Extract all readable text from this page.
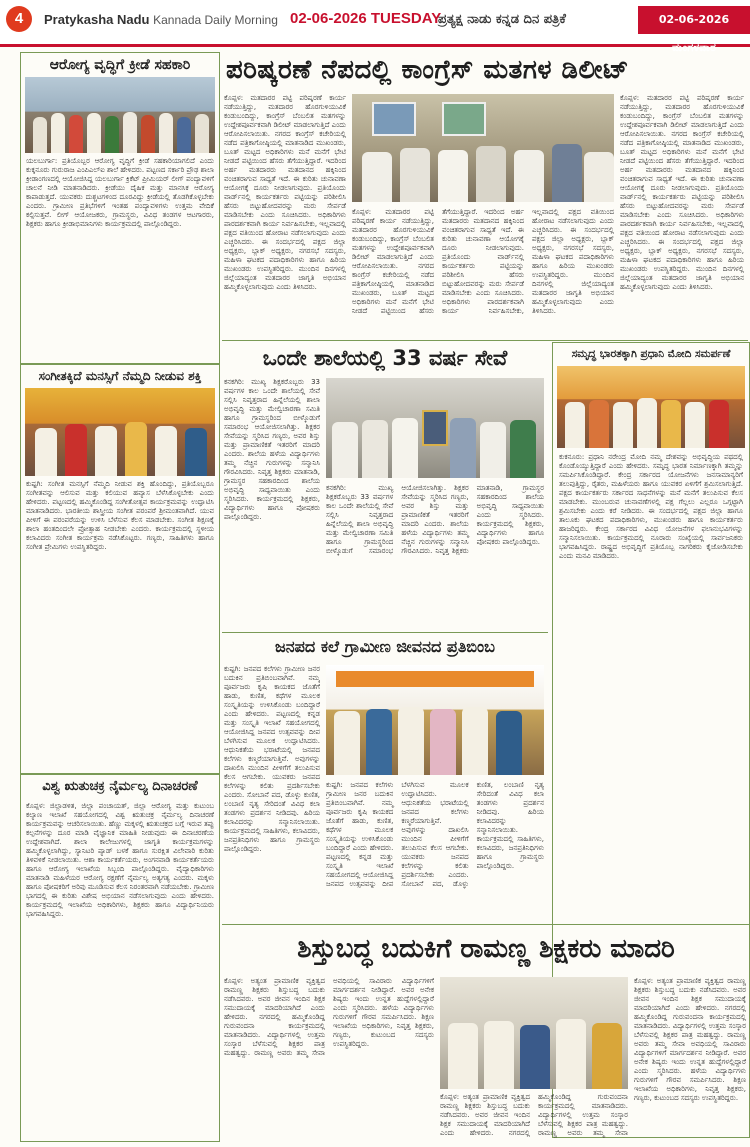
4	Pratykasha Nadu Kannada Daily Morning 02-06-2026 TUESDAY
ಪ್ರತ್ಯಕ್ಷ ನಾಡು ಕನ್ನಡ ದಿನ ಪತ್ರಿಕೆ	02-06-2026 ಮಂಗಳವಾರ
ಆರೋಗ್ಯ ವೃದ್ಧಿಗೆ ಕ್ರೀಡೆ ಸಹಕಾರಿ
ಯಲಬುರ್ಗಾ: ಪ್ರತಿಯೊಬ್ಬರ ಆರೋಗ್ಯ ವೃದ್ಧಿಗೆ ಕ್ರೀಡೆ ಸಹಕಾರಿಯಾಗಲಿದೆ ಎಂದು ಕುಕ್ಕನೂರು ಗುರುರಾಜ ಎಂಪಿಎಲ್‌ಐ ಶಾಲೆ ಹೇಳಿದರು. ಪಟ್ಟಣದ ಸರ್ಕಾರಿ ಪ್ರೌಢ ಶಾಲಾ ಕ್ರೀಡಾಂಗಣದಲ್ಲಿ ಆಯೋಜಿಸಿದ್ದ ಯಲಬುರ್ಗಾ ಕ್ರಿಕೆಟ್ ಪ್ರೀಮಿಯರ್ ಲೀಗ್ ಪಂದ್ಯಾವಳಿಗೆ ಚಾಲನೆ ನೀಡಿ ಮಾತನಾಡಿದರು. ಕ್ರೀಡೆಯು ದೈಹಿಕ ಮತ್ತು ಮಾನಸಿಕ ಆರೋಗ್ಯ ಕಾಪಾಡುತ್ತದೆ. ಯುವಕರು ದುಶ್ಚಟಗಳಿಂದ ದೂರವಿದ್ದು ಕ್ರೀಡೆಯಲ್ಲಿ ತೊಡಗಿಕೊಳ್ಳಬೇಕು ಎಂದರು. ಗ್ರಾಮೀಣ ಪ್ರತಿಭೆಗಳಿಗೆ ಇಂತಹ ಪಂದ್ಯಾವಳಿಗಳು ಉತ್ತಮ ವೇದಿಕೆ ಕಲ್ಪಿಸುತ್ತವೆ. ಲೀಗ್ ಆಯೋಜಕರು, ಗ್ರಾಮಸ್ಥರು, ವಿವಿಧ ತಂಡಗಳ ಆಟಗಾರರು, ಶಿಕ್ಷಕರು ಹಾಗೂ ಕ್ರೀಡಾಭಿಮಾನಿಗಳು ಕಾರ್ಯಕ್ರಮದಲ್ಲಿ ಪಾಲ್ಗೊಂಡಿದ್ದರು.
ಸಂಗೀತಕ್ಕಿದೆ ಮನಸ್ಸಿಗೆ ನೆಮ್ಮದಿ ನೀಡುವ ಶಕ್ತಿ
ಕುಷ್ಟಗಿ: ಸಂಗೀತ ಮನಸ್ಸಿಗೆ ನೆಮ್ಮದಿ ನೀಡುವ ಶಕ್ತಿ ಹೊಂದಿದ್ದು, ಪ್ರತಿಯೊಬ್ಬರೂ ಸಂಗೀತವನ್ನು ಆಲಿಸುವ ಮತ್ತು ಕಲಿಯುವ ಹವ್ಯಾಸ ಬೆಳೆಸಿಕೊಳ್ಳಬೇಕು ಎಂದು ಹೇಳಿದರು. ಪಟ್ಟಣದಲ್ಲಿ ಹಮ್ಮಿಕೊಂಡಿದ್ದ ಸಂಗೀತೋತ್ಸವ ಕಾರ್ಯಕ್ರಮವನ್ನು ಉದ್ಘಾಟಿಸಿ ಮಾತನಾಡಿದರು. ಭಾರತೀಯ ಶಾಸ್ತ್ರೀಯ ಸಂಗೀತ ಪರಂಪರೆ ಶ್ರೀಮಂತವಾಗಿದೆ. ಯುವ ಪೀಳಿಗೆ ಈ ಪರಂಪರೆಯನ್ನು ಉಳಿಸಿ ಬೆಳೆಸುವ ಕೆಲಸ ಮಾಡಬೇಕು. ಸಂಗೀತ ಶಿಕ್ಷಣಕ್ಕೆ ಶಾಲಾ ಹಂತದಿಂದಲೇ ಪ್ರೋತ್ಸಾಹ ನೀಡಬೇಕು ಎಂದರು. ಕಾರ್ಯಕ್ರಮದಲ್ಲಿ ಸ್ಥಳೀಯ ಕಲಾವಿದರು ಸಂಗೀತ ಕಾರ್ಯಕ್ರಮ ನಡೆಸಿಕೊಟ್ಟರು. ಗಣ್ಯರು, ಸಾಹಿತಿಗಳು ಹಾಗೂ ಸಂಗೀತ ಪ್ರೇಮಿಗಳು ಉಪಸ್ಥಿತರಿದ್ದರು.
ವಿಶ್ವ ಋತುಚಕ್ರ ನೈರ್ಮಲ್ಯ ದಿನಾಚರಣೆ
ಕೊಪ್ಪಳ: ಜಿಲ್ಲಾಡಳಿತ, ಜಿಲ್ಲಾ ಪಂಚಾಯತ್, ಜಿಲ್ಲಾ ಆರೋಗ್ಯ ಮತ್ತು ಕುಟುಂಬ ಕಲ್ಯಾಣ ಇಲಾಖೆ ಸಹಯೋಗದಲ್ಲಿ ವಿಶ್ವ ಋತುಚಕ್ರ ನೈರ್ಮಲ್ಯ ದಿನಾಚರಣೆ ಕಾರ್ಯಕ್ರಮವನ್ನು ಆಚರಿಸಲಾಯಿತು. ಹೆಣ್ಣು ಮಕ್ಕಳಲ್ಲಿ ಋತುಚಕ್ರದ ಬಗ್ಗೆ ಇರುವ ತಪ್ಪು ಕಲ್ಪನೆಗಳನ್ನು ದೂರ ಮಾಡಿ ವೈಜ್ಞಾನಿಕ ಮಾಹಿತಿ ನೀಡುವುದು ಈ ದಿನಾಚರಣೆಯ ಉದ್ದೇಶವಾಗಿದೆ. ಶಾಲಾ ಕಾಲೇಜುಗಳಲ್ಲಿ ಜಾಗೃತಿ ಕಾರ್ಯಕ್ರಮಗಳನ್ನು ಹಮ್ಮಿಕೊಳ್ಳಲಾಗಿದ್ದು, ಸ್ಯಾನಿಟರಿ ಪ್ಯಾಡ್ ಬಳಕೆ ಹಾಗೂ ಸುರಕ್ಷಿತ ವಿಲೇವಾರಿ ಕುರಿತು ತಿಳಿವಳಿಕೆ ನೀಡಲಾಯಿತು. ಆಶಾ ಕಾರ್ಯಕರ್ತೆಯರು, ಅಂಗನವಾಡಿ ಕಾರ್ಯಕರ್ತೆಯರು ಹಾಗೂ ಆರೋಗ್ಯ ಇಲಾಖೆಯ ಸಿಬ್ಬಂದಿ ಪಾಲ್ಗೊಂಡಿದ್ದರು. ವೈದ್ಯಾಧಿಕಾರಿಗಳು ಮಾತನಾಡಿ ಮಹಿಳೆಯರ ಆರೋಗ್ಯ ರಕ್ಷಣೆಗೆ ನೈರ್ಮಲ್ಯ ಅತ್ಯಗತ್ಯ ಎಂದರು. ಮಕ್ಕಳು ಹಾಗೂ ಪೋಷಕರಿಗೆ ಅರಿವು ಮೂಡಿಸುವ ಕೆಲಸ ನಿರಂತರವಾಗಿ ನಡೆಯಬೇಕು. ಗ್ರಾಮೀಣ ಭಾಗದಲ್ಲಿ ಈ ಕುರಿತು ವಿಶೇಷ ಅಭಿಯಾನ ನಡೆಸಲಾಗುವುದು ಎಂದು ಹೇಳಿದರು. ಕಾರ್ಯಕ್ರಮದಲ್ಲಿ ಇಲಾಖೆಯ ಅಧಿಕಾರಿಗಳು, ಶಿಕ್ಷಕರು ಹಾಗೂ ವಿದ್ಯಾರ್ಥಿನಿಯರು ಭಾಗವಹಿಸಿದ್ದರು.
ಪರಿಷ್ಕರಣೆ ನೆಪದಲ್ಲಿ ಕಾಂಗ್ರೆಸ್ ಮತಗಳ ಡಿಲೀಟ್
ಕೊಪ್ಪಳ: ಮತದಾರರ ಪಟ್ಟಿ ಪರಿಷ್ಕರಣೆ ಕಾರ್ಯ ನಡೆಯುತ್ತಿದ್ದು, ಮತದಾರರ ಹೊರಗುಳಿಯುವಿಕೆ ಕಂಡುಬಂದಿದ್ದು, ಕಾಂಗ್ರೆಸ್ ಬೆಂಬಲಿತ ಮತಗಳನ್ನು ಉದ್ದೇಶಪೂರ್ವಕವಾಗಿ ಡಿಲೀಟ್ ಮಾಡಲಾಗುತ್ತಿದೆ ಎಂದು ಆರೋಪಿಸಲಾಯಿತು. ನಗರದ ಕಾಂಗ್ರೆಸ್ ಕಚೇರಿಯಲ್ಲಿ ನಡೆದ ಪತ್ರಿಕಾಗೋಷ್ಠಿಯಲ್ಲಿ ಮಾತನಾಡಿದ ಮುಖಂಡರು, ಬೂತ್ ಮಟ್ಟದ ಅಧಿಕಾರಿಗಳು ಮನೆ ಮನೆಗೆ ಭೇಟಿ ನೀಡದೆ ಪಟ್ಟಿಯಿಂದ ಹೆಸರು ತೆಗೆಯುತ್ತಿದ್ದಾರೆ. ಇದರಿಂದ ಅರ್ಹ ಮತದಾರರು ಮತದಾನದ ಹಕ್ಕಿನಿಂದ ವಂಚಿತರಾಗುವ ಸಾಧ್ಯತೆ ಇದೆ. ಈ ಕುರಿತು ಚುನಾವಣಾ ಆಯೋಗಕ್ಕೆ ದೂರು ನೀಡಲಾಗುವುದು. ಪ್ರತಿಯೊಂದು ವಾರ್ಡ್‌ನಲ್ಲಿ ಕಾರ್ಯಕರ್ತರು ಪಟ್ಟಿಯನ್ನು ಪರಿಶೀಲಿಸಿ ಹೆಸರು ಬಿಟ್ಟುಹೋದವರನ್ನು ಮರು ಸೇರ್ಪಡೆ ಮಾಡಿಸಬೇಕು ಎಂದು ಸೂಚಿಸಿದರು. ಅಧಿಕಾರಿಗಳು ಪಾರದರ್ಶಕವಾಗಿ ಕಾರ್ಯ ನಿರ್ವಹಿಸಬೇಕು, ಇಲ್ಲವಾದಲ್ಲಿ ಪಕ್ಷದ ವತಿಯಿಂದ ಹೋರಾಟ ನಡೆಸಲಾಗುವುದು ಎಂದು ಎಚ್ಚರಿಸಿದರು. ಈ ಸಂದರ್ಭದಲ್ಲಿ ಪಕ್ಷದ ಜಿಲ್ಲಾ ಅಧ್ಯಕ್ಷರು, ಬ್ಲಾಕ್ ಅಧ್ಯಕ್ಷರು, ನಗರಸಭೆ ಸದಸ್ಯರು, ಮಹಿಳಾ ಘಟಕದ ಪದಾಧಿಕಾರಿಗಳು ಹಾಗೂ ಹಿರಿಯ ಮುಖಂಡರು ಉಪಸ್ಥಿತರಿದ್ದರು. ಮುಂದಿನ ದಿನಗಳಲ್ಲಿ ಜಿಲ್ಲೆಯಾದ್ಯಂತ ಮತದಾರರ ಜಾಗೃತಿ ಅಭಿಯಾನ ಹಮ್ಮಿಕೊಳ್ಳಲಾಗುವುದು ಎಂದು ತಿಳಿಸಿದರು.
ಕೊಪ್ಪಳ: ಮತದಾರರ ಪಟ್ಟಿ ಪರಿಷ್ಕರಣೆ ಕಾರ್ಯ ನಡೆಯುತ್ತಿದ್ದು, ಮತದಾರರ ಹೊರಗುಳಿಯುವಿಕೆ ಕಂಡುಬಂದಿದ್ದು, ಕಾಂಗ್ರೆಸ್ ಬೆಂಬಲಿತ ಮತಗಳನ್ನು ಉದ್ದೇಶಪೂರ್ವಕವಾಗಿ ಡಿಲೀಟ್ ಮಾಡಲಾಗುತ್ತಿದೆ ಎಂದು ಆರೋಪಿಸಲಾಯಿತು. ನಗರದ ಕಾಂಗ್ರೆಸ್ ಕಚೇರಿಯಲ್ಲಿ ನಡೆದ ಪತ್ರಿಕಾಗೋಷ್ಠಿಯಲ್ಲಿ ಮಾತನಾಡಿದ ಮುಖಂಡರು, ಬೂತ್ ಮಟ್ಟದ ಅಧಿಕಾರಿಗಳು ಮನೆ ಮನೆಗೆ ಭೇಟಿ ನೀಡದೆ ಪಟ್ಟಿಯಿಂದ ಹೆಸರು ತೆಗೆಯುತ್ತಿದ್ದಾರೆ. ಇದರಿಂದ ಅರ್ಹ ಮತದಾರರು ಮತದಾನದ ಹಕ್ಕಿನಿಂದ ವಂಚಿತರಾಗುವ ಸಾಧ್ಯತೆ ಇದೆ. ಈ ಕುರಿತು ಚುನಾವಣಾ ಆಯೋಗಕ್ಕೆ ದೂರು ನೀಡಲಾಗುವುದು. ಪ್ರತಿಯೊಂದು ವಾರ್ಡ್‌ನಲ್ಲಿ ಕಾರ್ಯಕರ್ತರು ಪಟ್ಟಿಯನ್ನು ಪರಿಶೀಲಿಸಿ ಹೆಸರು ಬಿಟ್ಟುಹೋದವರನ್ನು ಮರು ಸೇರ್ಪಡೆ ಮಾಡಿಸಬೇಕು ಎಂದು ಸೂಚಿಸಿದರು. ಅಧಿಕಾರಿಗಳು ಪಾರದರ್ಶಕವಾಗಿ ಕಾರ್ಯ ನಿರ್ವಹಿಸಬೇಕು, ಇಲ್ಲವಾದಲ್ಲಿ ಪಕ್ಷದ ವತಿಯಿಂದ ಹೋರಾಟ ನಡೆಸಲಾಗುವುದು ಎಂದು ಎಚ್ಚರಿಸಿದರು. ಈ ಸಂದರ್ಭದಲ್ಲಿ ಪಕ್ಷದ ಜಿಲ್ಲಾ ಅಧ್ಯಕ್ಷರು, ಬ್ಲಾಕ್ ಅಧ್ಯಕ್ಷರು, ನಗರಸಭೆ ಸದಸ್ಯರು, ಮಹಿಳಾ ಘಟಕದ ಪದಾಧಿಕಾರಿಗಳು ಹಾಗೂ ಹಿರಿಯ ಮುಖಂಡರು ಉಪಸ್ಥಿತರಿದ್ದರು. ಮುಂದಿನ ದಿನಗಳಲ್ಲಿ ಜಿಲ್ಲೆಯಾದ್ಯಂತ ಮತದಾರರ ಜಾಗೃತಿ ಅಭಿಯಾನ ಹಮ್ಮಿಕೊಳ್ಳಲಾಗುವುದು ಎಂದು ತಿಳಿಸಿದರು.
ಕೊಪ್ಪಳ: ಮತದಾರರ ಪಟ್ಟಿ ಪರಿಷ್ಕರಣೆ ಕಾರ್ಯ ನಡೆಯುತ್ತಿದ್ದು, ಮತದಾರರ ಹೊರಗುಳಿಯುವಿಕೆ ಕಂಡುಬಂದಿದ್ದು, ಕಾಂಗ್ರೆಸ್ ಬೆಂಬಲಿತ ಮತಗಳನ್ನು ಉದ್ದೇಶಪೂರ್ವಕವಾಗಿ ಡಿಲೀಟ್ ಮಾಡಲಾಗುತ್ತಿದೆ ಎಂದು ಆರೋಪಿಸಲಾಯಿತು. ನಗರದ ಕಾಂಗ್ರೆಸ್ ಕಚೇರಿಯಲ್ಲಿ ನಡೆದ ಪತ್ರಿಕಾಗೋಷ್ಠಿಯಲ್ಲಿ ಮಾತನಾಡಿದ ಮುಖಂಡರು, ಬೂತ್ ಮಟ್ಟದ ಅಧಿಕಾರಿಗಳು ಮನೆ ಮನೆಗೆ ಭೇಟಿ ನೀಡದೆ ಪಟ್ಟಿಯಿಂದ ಹೆಸರು ತೆಗೆಯುತ್ತಿದ್ದಾರೆ. ಇದರಿಂದ ಅರ್ಹ ಮತದಾರರು ಮತದಾನದ ಹಕ್ಕಿನಿಂದ ವಂಚಿತರಾಗುವ ಸಾಧ್ಯತೆ ಇದೆ. ಈ ಕುರಿತು ಚುನಾವಣಾ ಆಯೋಗಕ್ಕೆ ದೂರು ನೀಡಲಾಗುವುದು. ಪ್ರತಿಯೊಂದು ವಾರ್ಡ್‌ನಲ್ಲಿ ಕಾರ್ಯಕರ್ತರು ಪಟ್ಟಿಯನ್ನು ಪರಿಶೀಲಿಸಿ ಹೆಸರು ಬಿಟ್ಟುಹೋದವರನ್ನು ಮರು ಸೇರ್ಪಡೆ ಮಾಡಿಸಬೇಕು ಎಂದು ಸೂಚಿಸಿದರು. ಅಧಿಕಾರಿಗಳು ಪಾರದರ್ಶಕವಾಗಿ ಕಾರ್ಯ ನಿರ್ವಹಿಸಬೇಕು, ಇಲ್ಲವಾದಲ್ಲಿ ಪಕ್ಷದ ವತಿಯಿಂದ ಹೋರಾಟ ನಡೆಸಲಾಗುವುದು ಎಂದು ಎಚ್ಚರಿಸಿದರು. ಈ ಸಂದರ್ಭದಲ್ಲಿ ಪಕ್ಷದ ಜಿಲ್ಲಾ ಅಧ್ಯಕ್ಷರು, ಬ್ಲಾಕ್ ಅಧ್ಯಕ್ಷರು, ನಗರಸಭೆ ಸದಸ್ಯರು, ಮಹಿಳಾ ಘಟಕದ ಪದಾಧಿಕಾರಿಗಳು ಹಾಗೂ ಹಿರಿಯ ಮುಖಂಡರು ಉಪಸ್ಥಿತರಿದ್ದರು. ಮುಂದಿನ ದಿನಗಳಲ್ಲಿ ಜಿಲ್ಲೆಯಾದ್ಯಂತ ಮತದಾರರ ಜಾಗೃತಿ ಅಭಿಯಾನ ಹಮ್ಮಿಕೊಳ್ಳಲಾಗುವುದು ಎಂದು ತಿಳಿಸಿದರು.
ಒಂದೇ ಶಾಲೆಯಲ್ಲಿ 33 ವರ್ಷ ಸೇವೆ
ಕನಕಗಿರಿ: ಮುಖ್ಯ ಶಿಕ್ಷಕರೊಬ್ಬರು 33 ವರ್ಷಗಳ ಕಾಲ ಒಂದೇ ಶಾಲೆಯಲ್ಲಿ ಸೇವೆ ಸಲ್ಲಿಸಿ ನಿವೃತ್ತರಾದ ಹಿನ್ನೆಲೆಯಲ್ಲಿ ಶಾಲಾ ಅಭಿವೃದ್ಧಿ ಮತ್ತು ಮೇಲ್ವಿಚಾರಣಾ ಸಮಿತಿ ಹಾಗೂ ಗ್ರಾಮಸ್ಥರಿಂದ ಬೀಳ್ಕೊಡುಗೆ ಸಮಾರಂಭ ಆಯೋಜಿಸಲಾಗಿತ್ತು. ಶಿಕ್ಷಕರ ಸೇವೆಯನ್ನು ಸ್ಮರಿಸಿದ ಗಣ್ಯರು, ಅವರ ಶಿಸ್ತು ಮತ್ತು ಪ್ರಾಮಾಣಿಕತೆ ಇತರರಿಗೆ ಮಾದರಿ ಎಂದರು. ಶಾಲೆಯ ಹಳೆಯ ವಿದ್ಯಾರ್ಥಿಗಳು ತಮ್ಮ ನೆಚ್ಚಿನ ಗುರುಗಳನ್ನು ಸನ್ಮಾನಿಸಿ ಗೌರವಿಸಿದರು. ನಿವೃತ್ತ ಶಿಕ್ಷಕರು ಮಾತನಾಡಿ, ಗ್ರಾಮಸ್ಥರ ಸಹಕಾರದಿಂದ ಶಾಲೆಯ ಅಭಿವೃದ್ಧಿ ಸಾಧ್ಯವಾಯಿತು ಎಂದು ಸ್ಮರಿಸಿದರು. ಕಾರ್ಯಕ್ರಮದಲ್ಲಿ ಶಿಕ್ಷಕರು, ವಿದ್ಯಾರ್ಥಿಗಳು ಹಾಗೂ ಪೋಷಕರು ಪಾಲ್ಗೊಂಡಿದ್ದರು.
ಕನಕಗಿರಿ: ಮುಖ್ಯ ಶಿಕ್ಷಕರೊಬ್ಬರು 33 ವರ್ಷಗಳ ಕಾಲ ಒಂದೇ ಶಾಲೆಯಲ್ಲಿ ಸೇವೆ ಸಲ್ಲಿಸಿ ನಿವೃತ್ತರಾದ ಹಿನ್ನೆಲೆಯಲ್ಲಿ ಶಾಲಾ ಅಭಿವೃದ್ಧಿ ಮತ್ತು ಮೇಲ್ವಿಚಾರಣಾ ಸಮಿತಿ ಹಾಗೂ ಗ್ರಾಮಸ್ಥರಿಂದ ಬೀಳ್ಕೊಡುಗೆ ಸಮಾರಂಭ ಆಯೋಜಿಸಲಾಗಿತ್ತು. ಶಿಕ್ಷಕರ ಸೇವೆಯನ್ನು ಸ್ಮರಿಸಿದ ಗಣ್ಯರು, ಅವರ ಶಿಸ್ತು ಮತ್ತು ಪ್ರಾಮಾಣಿಕತೆ ಇತರರಿಗೆ ಮಾದರಿ ಎಂದರು. ಶಾಲೆಯ ಹಳೆಯ ವಿದ್ಯಾರ್ಥಿಗಳು ತಮ್ಮ ನೆಚ್ಚಿನ ಗುರುಗಳನ್ನು ಸನ್ಮಾನಿಸಿ ಗೌರವಿಸಿದರು. ನಿವೃತ್ತ ಶಿಕ್ಷಕರು ಮಾತನಾಡಿ, ಗ್ರಾಮಸ್ಥರ ಸಹಕಾರದಿಂದ ಶಾಲೆಯ ಅಭಿವೃದ್ಧಿ ಸಾಧ್ಯವಾಯಿತು ಎಂದು ಸ್ಮರಿಸಿದರು. ಕಾರ್ಯಕ್ರಮದಲ್ಲಿ ಶಿಕ್ಷಕರು, ವಿದ್ಯಾರ್ಥಿಗಳು ಹಾಗೂ ಪೋಷಕರು ಪಾಲ್ಗೊಂಡಿದ್ದರು.
ಸಮೃದ್ಧ ಭಾರತಕ್ಕಾಗಿ ಪ್ರಧಾನಿ ಮೋದಿ ಸಮರ್ಪಣೆ
ಕುಕನೂರು: ಪ್ರಧಾನಿ ನರೇಂದ್ರ ಮೋದಿ ನಮ್ಮ ದೇಶವನ್ನು ಅಭಿವೃದ್ಧಿಯ ಪಥದಲ್ಲಿ ಕೊಂಡೊಯ್ಯುತ್ತಿದ್ದಾರೆ ಎಂದು ಹೇಳಿದರು. ಸಮೃದ್ಧ ಭಾರತ ನಿರ್ಮಾಣಕ್ಕಾಗಿ ತಮ್ಮನ್ನು ಸಮರ್ಪಿಸಿಕೊಂಡಿದ್ದಾರೆ. ಕೇಂದ್ರ ಸರ್ಕಾರದ ಯೋಜನೆಗಳು ಜನಸಾಮಾನ್ಯರಿಗೆ ತಲುಪುತ್ತಿದ್ದು, ರೈತರು, ಮಹಿಳೆಯರು ಹಾಗೂ ಯುವಕರ ಏಳಿಗೆಗೆ ಶ್ರಮಿಸಲಾಗುತ್ತಿದೆ. ಪಕ್ಷದ ಕಾರ್ಯಕರ್ತರು ಸರ್ಕಾರದ ಸಾಧನೆಗಳನ್ನು ಮನೆ ಮನೆಗೆ ತಲುಪಿಸುವ ಕೆಲಸ ಮಾಡಬೇಕು. ಮುಂಬರುವ ಚುನಾವಣೆಗಳಲ್ಲಿ ಪಕ್ಷ ಗೆಲ್ಲಲು ಎಲ್ಲರೂ ಒಗ್ಗಟ್ಟಾಗಿ ಶ್ರಮಿಸಬೇಕು ಎಂದು ಕರೆ ನೀಡಿದರು. ಈ ಸಂದರ್ಭದಲ್ಲಿ ಪಕ್ಷದ ಜಿಲ್ಲಾ ಹಾಗೂ ತಾಲೂಕು ಘಟಕದ ಪದಾಧಿಕಾರಿಗಳು, ಮುಖಂಡರು ಹಾಗೂ ಕಾರ್ಯಕರ್ತರು ಹಾಜರಿದ್ದರು. ಕೇಂದ್ರ ಸರ್ಕಾರದ ವಿವಿಧ ಯೋಜನೆಗಳ ಫಲಾನುಭವಿಗಳನ್ನು ಸನ್ಮಾನಿಸಲಾಯಿತು. ಕಾರ್ಯಕ್ರಮದಲ್ಲಿ ನೂರಾರು ಸಂಖ್ಯೆಯಲ್ಲಿ ಸಾರ್ವಜನಿಕರು ಭಾಗವಹಿಸಿದ್ದರು. ರಾಷ್ಟ್ರದ ಅಭಿವೃದ್ಧಿಗೆ ಪ್ರತಿಯೊಬ್ಬ ನಾಗರಿಕರು ಕೈಜೋಡಿಸಬೇಕು ಎಂದು ಮನವಿ ಮಾಡಿದರು.
ಜನಪದ ಕಲೆ ಗ್ರಾಮೀಣ ಜೀವನದ ಪ್ರತಿಬಿಂಬ
ಕುಷ್ಟಗಿ: ಜನಪದ ಕಲೆಗಳು ಗ್ರಾಮೀಣ ಜನರ ಬದುಕಿನ ಪ್ರತಿಬಿಂಬವಾಗಿವೆ. ನಮ್ಮ ಪೂರ್ವಜರು ಕೃಷಿ ಕಾಯಕದ ಜೊತೆಗೆ ಹಾಡು, ಕುಣಿತ, ಕಥೆಗಳ ಮೂಲಕ ಸಂಸ್ಕೃತಿಯನ್ನು ಉಳಿಸಿಕೊಂಡು ಬಂದಿದ್ದಾರೆ ಎಂದು ಹೇಳಿದರು. ಪಟ್ಟಣದಲ್ಲಿ ಕನ್ನಡ ಮತ್ತು ಸಂಸ್ಕೃತಿ ಇಲಾಖೆ ಸಹಯೋಗದಲ್ಲಿ ಆಯೋಜಿಸಿದ್ದ ಜನಪದ ಉತ್ಸವವನ್ನು ದೀಪ ಬೆಳಗಿಸುವ ಮೂಲಕ ಉದ್ಘಾಟಿಸಿದರು. ಆಧುನಿಕತೆಯ ಭರಾಟೆಯಲ್ಲಿ ಜನಪದ ಕಲೆಗಳು ಕಣ್ಮರೆಯಾಗುತ್ತಿವೆ. ಅವುಗಳನ್ನು ದಾಖಲಿಸಿ ಮುಂದಿನ ಪೀಳಿಗೆಗೆ ತಲುಪಿಸುವ ಕೆಲಸ ಆಗಬೇಕು. ಯುವಕರು ಜನಪದ ಕಲೆಗಳನ್ನು ಕಲಿತು ಪ್ರದರ್ಶಿಸಬೇಕು ಎಂದರು. ಸೋಬಾನೆ ಪದ, ಡೊಳ್ಳು ಕುಣಿತ, ಲಂಬಾಣಿ ನೃತ್ಯ ಸೇರಿದಂತೆ ವಿವಿಧ ಕಲಾ ತಂಡಗಳು ಪ್ರದರ್ಶನ ನೀಡಿದವು. ಹಿರಿಯ ಕಲಾವಿದರನ್ನು ಸನ್ಮಾನಿಸಲಾಯಿತು. ಕಾರ್ಯಕ್ರಮದಲ್ಲಿ ಸಾಹಿತಿಗಳು, ಕಲಾವಿದರು, ಜನಪ್ರತಿನಿಧಿಗಳು ಹಾಗೂ ಗ್ರಾಮಸ್ಥರು ಪಾಲ್ಗೊಂಡಿದ್ದರು.
ಕುಷ್ಟಗಿ: ಜನಪದ ಕಲೆಗಳು ಗ್ರಾಮೀಣ ಜನರ ಬದುಕಿನ ಪ್ರತಿಬಿಂಬವಾಗಿವೆ. ನಮ್ಮ ಪೂರ್ವಜರು ಕೃಷಿ ಕಾಯಕದ ಜೊತೆಗೆ ಹಾಡು, ಕುಣಿತ, ಕಥೆಗಳ ಮೂಲಕ ಸಂಸ್ಕೃತಿಯನ್ನು ಉಳಿಸಿಕೊಂಡು ಬಂದಿದ್ದಾರೆ ಎಂದು ಹೇಳಿದರು. ಪಟ್ಟಣದಲ್ಲಿ ಕನ್ನಡ ಮತ್ತು ಸಂಸ್ಕೃತಿ ಇಲಾಖೆ ಸಹಯೋಗದಲ್ಲಿ ಆಯೋಜಿಸಿದ್ದ ಜನಪದ ಉತ್ಸವವನ್ನು ದೀಪ ಬೆಳಗಿಸುವ ಮೂಲಕ ಉದ್ಘಾಟಿಸಿದರು. ಆಧುನಿಕತೆಯ ಭರಾಟೆಯಲ್ಲಿ ಜನಪದ ಕಲೆಗಳು ಕಣ್ಮರೆಯಾಗುತ್ತಿವೆ. ಅವುಗಳನ್ನು ದಾಖಲಿಸಿ ಮುಂದಿನ ಪೀಳಿಗೆಗೆ ತಲುಪಿಸುವ ಕೆಲಸ ಆಗಬೇಕು. ಯುವಕರು ಜನಪದ ಕಲೆಗಳನ್ನು ಕಲಿತು ಪ್ರದರ್ಶಿಸಬೇಕು ಎಂದರು. ಸೋಬಾನೆ ಪದ, ಡೊಳ್ಳು ಕುಣಿತ, ಲಂಬಾಣಿ ನೃತ್ಯ ಸೇರಿದಂತೆ ವಿವಿಧ ಕಲಾ ತಂಡಗಳು ಪ್ರದರ್ಶನ ನೀಡಿದವು. ಹಿರಿಯ ಕಲಾವಿದರನ್ನು ಸನ್ಮಾನಿಸಲಾಯಿತು. ಕಾರ್ಯಕ್ರಮದಲ್ಲಿ ಸಾಹಿತಿಗಳು, ಕಲಾವಿದರು, ಜನಪ್ರತಿನಿಧಿಗಳು ಹಾಗೂ ಗ್ರಾಮಸ್ಥರು ಪಾಲ್ಗೊಂಡಿದ್ದರು.
ಶಿಸ್ತುಬದ್ಧ ಬದುಕಿಗೆ ರಾಮಣ್ಣ ಶಿಕ್ಷಕರು ಮಾದರಿ
ಕೊಪ್ಪಳ: ಅತ್ಯಂತ ಪ್ರಾಮಾಣಿಕ ವ್ಯಕ್ತಿತ್ವದ ರಾಮಣ್ಣ ಶಿಕ್ಷಕರು ಶಿಸ್ತುಬದ್ಧ ಬದುಕು ನಡೆಸಿದವರು. ಅವರ ಜೀವನ ಇಂದಿನ ಶಿಕ್ಷಕ ಸಮುದಾಯಕ್ಕೆ ಮಾದರಿಯಾಗಿದೆ ಎಂದು ಹೇಳಿದರು. ನಗರದಲ್ಲಿ ಹಮ್ಮಿಕೊಂಡಿದ್ದ ಗುರುವಂದನಾ ಕಾರ್ಯಕ್ರಮದಲ್ಲಿ ಮಾತನಾಡಿದರು. ವಿದ್ಯಾರ್ಥಿಗಳಲ್ಲಿ ಉತ್ತಮ ಸಂಸ್ಕಾರ ಬೆಳೆಸುವಲ್ಲಿ ಶಿಕ್ಷಕರ ಪಾತ್ರ ಮಹತ್ವದ್ದು. ರಾಮಣ್ಣ ಅವರು ತಮ್ಮ ಸೇವಾ ಅವಧಿಯಲ್ಲಿ ಸಾವಿರಾರು ವಿದ್ಯಾರ್ಥಿಗಳಿಗೆ ಮಾರ್ಗದರ್ಶನ ನೀಡಿದ್ದಾರೆ. ಅವರ ಅನೇಕ ಶಿಷ್ಯರು ಇಂದು ಉನ್ನತ ಹುದ್ದೆಗಳಲ್ಲಿದ್ದಾರೆ ಎಂದು ಸ್ಮರಿಸಿದರು. ಹಳೆಯ ವಿದ್ಯಾರ್ಥಿಗಳು ಗುರುಗಳಿಗೆ ಗೌರವ ಸಮರ್ಪಿಸಿದರು. ಶಿಕ್ಷಣ ಇಲಾಖೆಯ ಅಧಿಕಾರಿಗಳು, ನಿವೃತ್ತ ಶಿಕ್ಷಕರು, ಗಣ್ಯರು, ಕುಟುಂಬದ ಸದಸ್ಯರು ಉಪಸ್ಥಿತರಿದ್ದರು.
ಕೊಪ್ಪಳ: ಅತ್ಯಂತ ಪ್ರಾಮಾಣಿಕ ವ್ಯಕ್ತಿತ್ವದ ರಾಮಣ್ಣ ಶಿಕ್ಷಕರು ಶಿಸ್ತುಬದ್ಧ ಬದುಕು ನಡೆಸಿದವರು. ಅವರ ಜೀವನ ಇಂದಿನ ಶಿಕ್ಷಕ ಸಮುದಾಯಕ್ಕೆ ಮಾದರಿಯಾಗಿದೆ ಎಂದು ಹೇಳಿದರು. ನಗರದಲ್ಲಿ ಹಮ್ಮಿಕೊಂಡಿದ್ದ ಗುರುವಂದನಾ ಕಾರ್ಯಕ್ರಮದಲ್ಲಿ ಮಾತನಾಡಿದರು. ವಿದ್ಯಾರ್ಥಿಗಳಲ್ಲಿ ಉತ್ತಮ ಸಂಸ್ಕಾರ ಬೆಳೆಸುವಲ್ಲಿ ಶಿಕ್ಷಕರ ಪಾತ್ರ ಮಹತ್ವದ್ದು. ರಾಮಣ್ಣ ಅವರು ತಮ್ಮ ಸೇವಾ
ಕೊಪ್ಪಳ: ಅತ್ಯಂತ ಪ್ರಾಮಾಣಿಕ ವ್ಯಕ್ತಿತ್ವದ ರಾಮಣ್ಣ ಶಿಕ್ಷಕರು ಶಿಸ್ತುಬದ್ಧ ಬದುಕು ನಡೆಸಿದವರು. ಅವರ ಜೀವನ ಇಂದಿನ ಶಿಕ್ಷಕ ಸಮುದಾಯಕ್ಕೆ ಮಾದರಿಯಾಗಿದೆ ಎಂದು ಹೇಳಿದರು. ನಗರದಲ್ಲಿ ಹಮ್ಮಿಕೊಂಡಿದ್ದ ಗುರುವಂದನಾ ಕಾರ್ಯಕ್ರಮದಲ್ಲಿ ಮಾತನಾಡಿದರು. ವಿದ್ಯಾರ್ಥಿಗಳಲ್ಲಿ ಉತ್ತಮ ಸಂಸ್ಕಾರ ಬೆಳೆಸುವಲ್ಲಿ ಶಿಕ್ಷಕರ ಪಾತ್ರ ಮಹತ್ವದ್ದು. ರಾಮಣ್ಣ ಅವರು ತಮ್ಮ ಸೇವಾ ಅವಧಿಯಲ್ಲಿ ಸಾವಿರಾರು ವಿದ್ಯಾರ್ಥಿಗಳಿಗೆ ಮಾರ್ಗದರ್ಶನ ನೀಡಿದ್ದಾರೆ. ಅವರ ಅನೇಕ ಶಿಷ್ಯರು ಇಂದು ಉನ್ನತ ಹುದ್ದೆಗಳಲ್ಲಿದ್ದಾರೆ ಎಂದು ಸ್ಮರಿಸಿದರು. ಹಳೆಯ ವಿದ್ಯಾರ್ಥಿಗಳು ಗುರುಗಳಿಗೆ ಗೌರವ ಸಮರ್ಪಿಸಿದರು. ಶಿಕ್ಷಣ ಇಲಾಖೆಯ ಅಧಿಕಾರಿಗಳು, ನಿವೃತ್ತ ಶಿಕ್ಷಕರು, ಗಣ್ಯರು, ಕುಟುಂಬದ ಸದಸ್ಯರು ಉಪಸ್ಥಿತರಿದ್ದರು.
